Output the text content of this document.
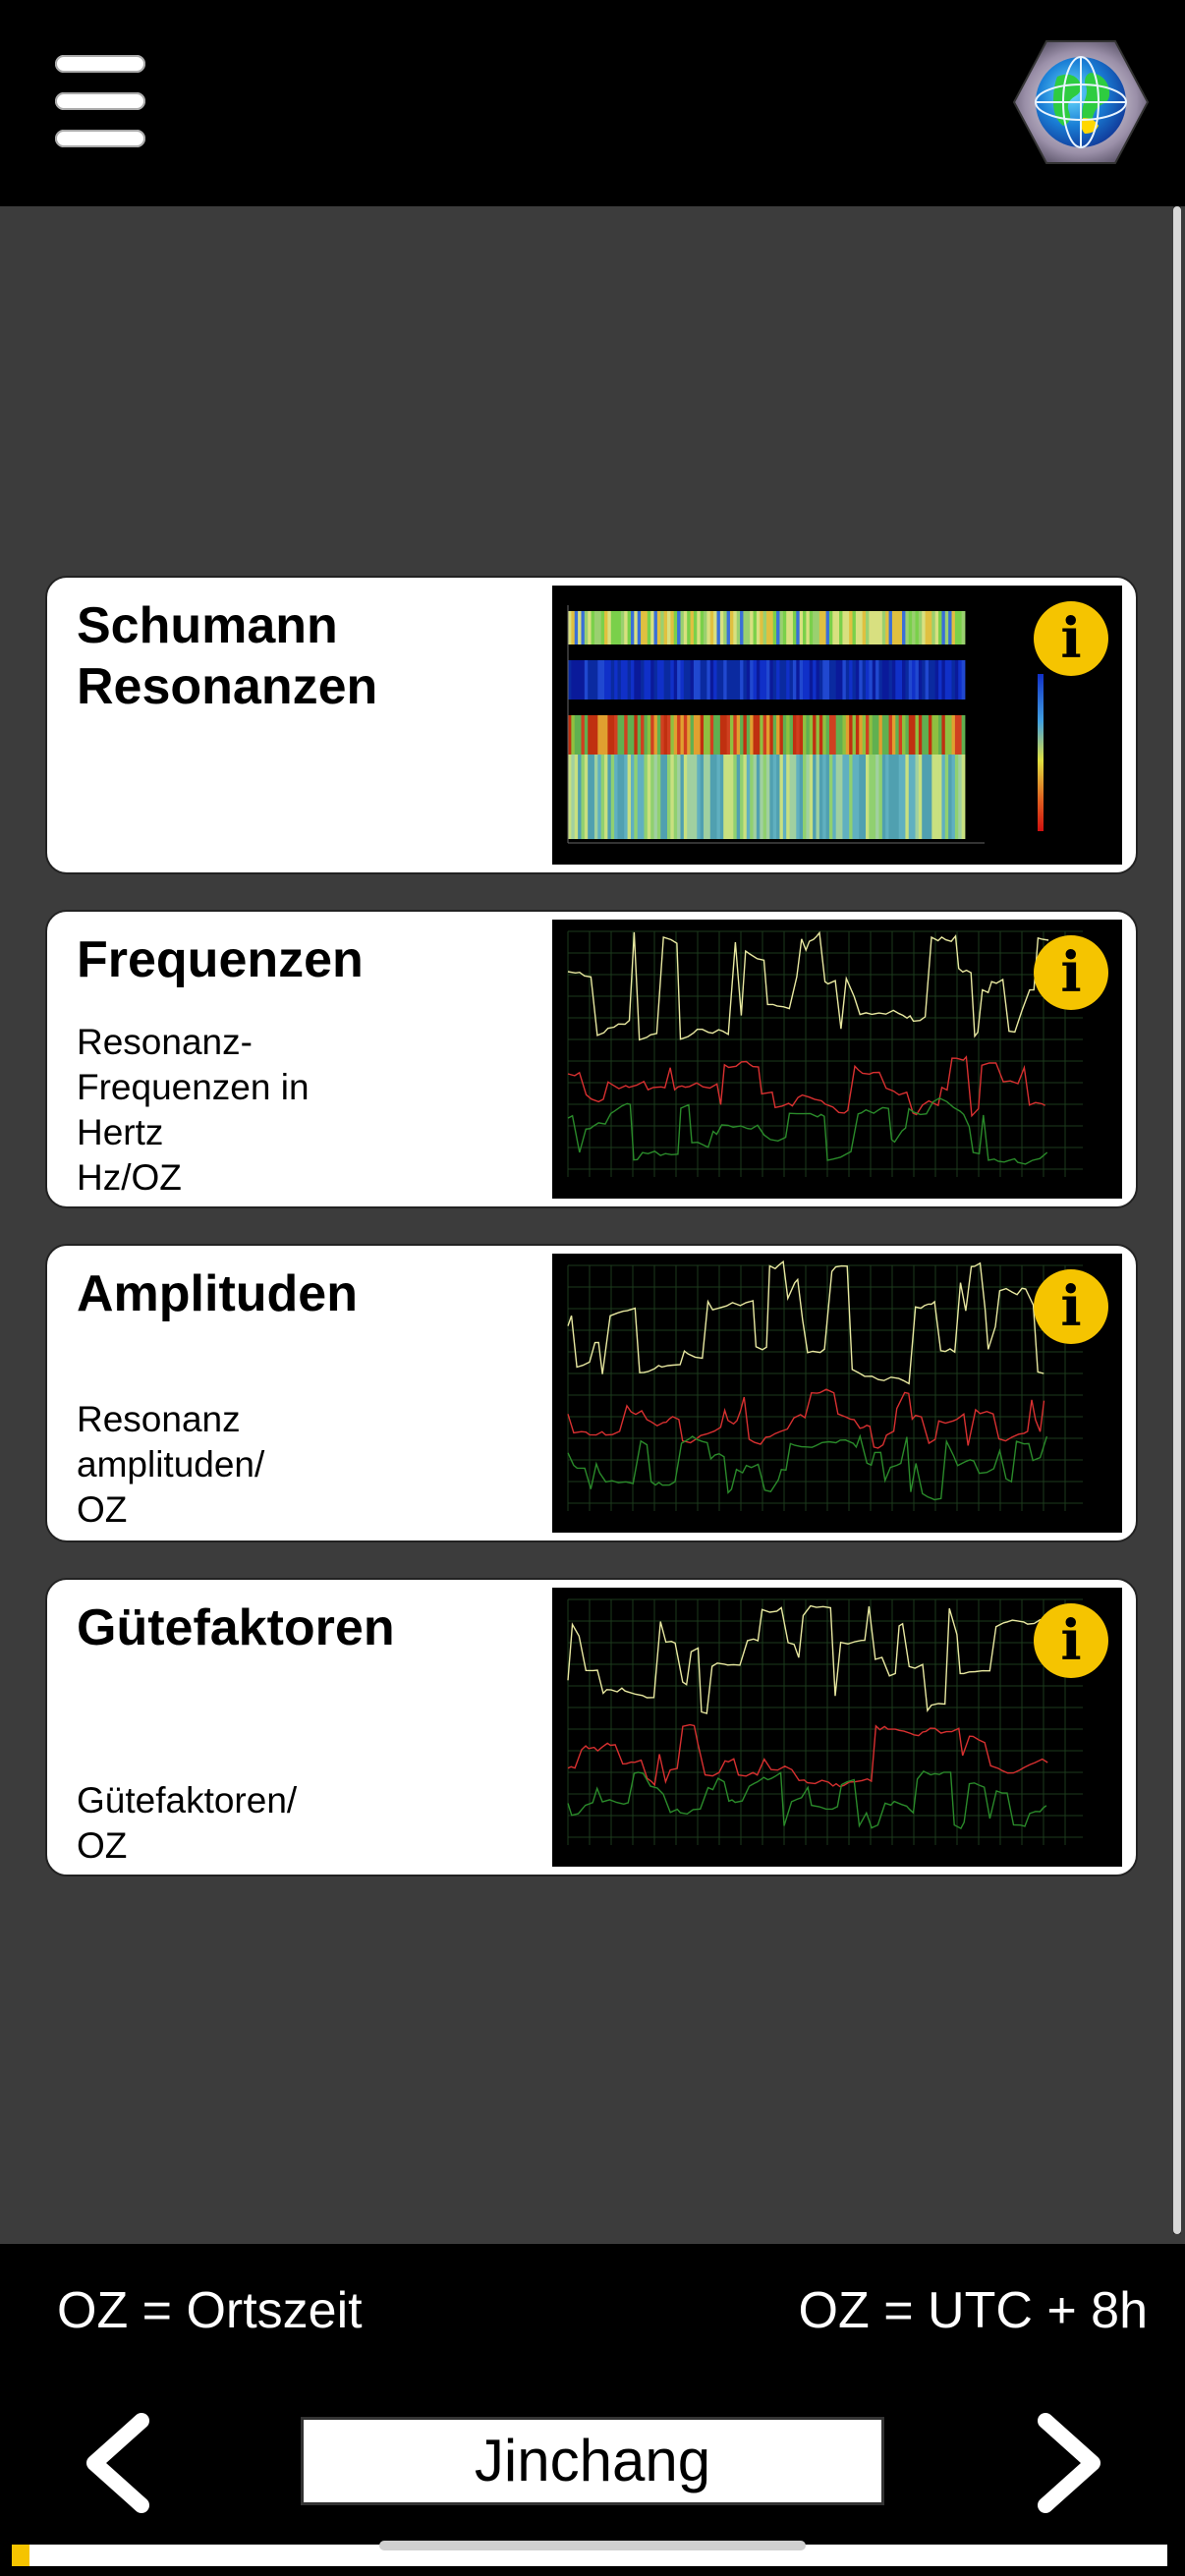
Schumann
Resonanzen
i
Frequenzen
Resonanz-
Frequenzen in
Hertz
Hz/OZ
i
Amplituden
Resonanz
amplituden/
OZ
i
Gütefaktoren
Gütefaktoren/
OZ
i
OZ = Ortszeit	OZ = UTC + 8h
Jinchang
